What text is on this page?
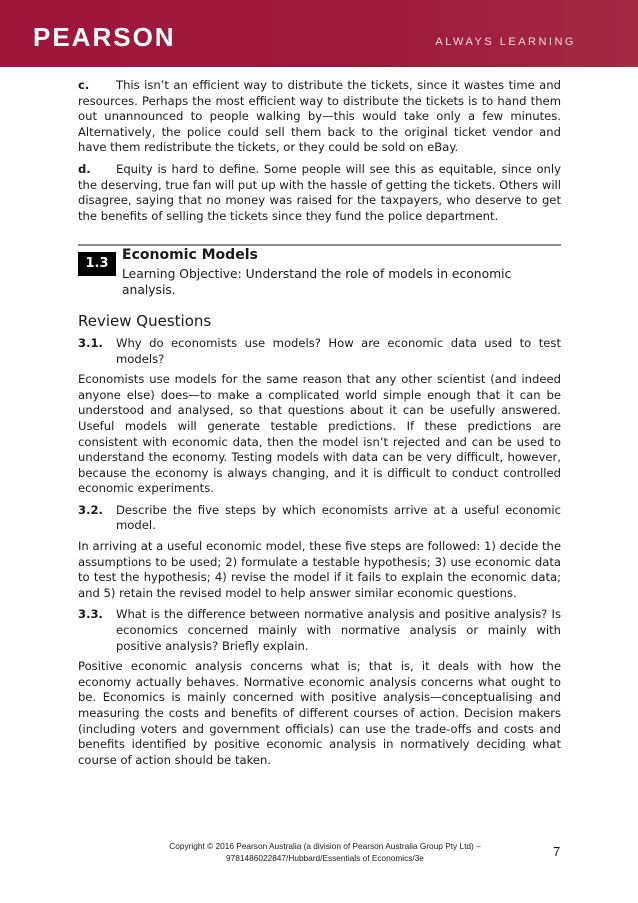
PEARSON	ALWAYS LEARNING

c. This isn’t an efficient way to distribute the tickets, since it wastes time and resources. Perhaps the most efficient way to distribute the tickets is to hand them out unannounced to people walking by—this would take only a few minutes. Alternatively, the police could sell them back to the original ticket vendor and have them redistribute the tickets, or they could be sold on eBay.

d. Equity is hard to define. Some people will see this as equitable, since only the deserving, true fan will put up with the hassle of getting the tickets. Others will disagree, saying that no money was raised for the taxpayers, who deserve to get the benefits of selling the tickets since they fund the police department.

1.3
Economic Models
Learning Objective: Understand the role of models in economic analysis.
Review Questions
3.1. Why do economists use models? How are economic data used to test models?

Economists use models for the same reason that any other scientist (and indeed anyone else) does—to make a complicated world simple enough that it can be understood and analysed, so that questions about it can be usefully answered. Useful models will generate testable predictions. If these predictions are consistent with economic data, then the model isn’t rejected and can be used to understand the economy. Testing models with data can be very difficult, however, because the economy is always changing, and it is difficult to conduct controlled economic experiments.

3.2. Describe the five steps by which economists arrive at a useful economic model.

In arriving at a useful economic model, these five steps are followed: 1) decide the assumptions to be used; 2) formulate a testable hypothesis; 3) use economic data to test the hypothesis; 4) revise the model if it fails to explain the economic data; and 5) retain the revised model to help answer similar economic questions.

3.3. What is the difference between normative analysis and positive analysis? Is economics concerned mainly with normative analysis or mainly with positive analysis? Briefly explain.

Positive economic analysis concerns what is; that is, it deals with how the economy actually behaves. Normative economic analysis concerns what ought to be. Economics is mainly concerned with positive analysis—conceptualising and measuring the costs and benefits of different courses of action. Decision makers (including voters and government officials) can use the trade-offs and costs and benefits identified by positive economic analysis in normatively deciding what course of action should be taken.

Copyright © 2016 Pearson Australia (a division of Pearson Australia Group Pty Ltd) –
9781486022847/Hubbard/Essentials of Economics/3e	7
